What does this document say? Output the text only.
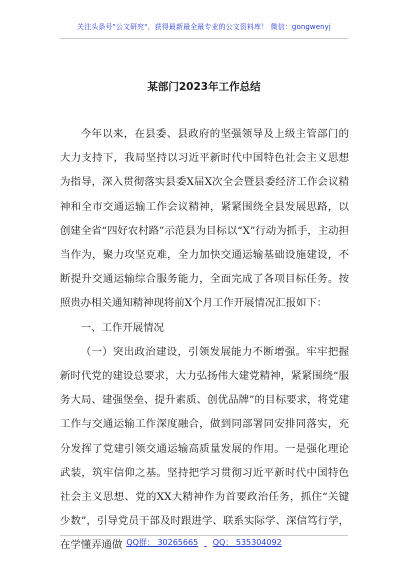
关注头条号"公文研究"，获得最新最全最专业的公文资料库！ 微信：gongwenyj
某部门2023年工作总结

今年以来，在县委、县政府的坚强领导及上级主管部门的大力支持下，我局坚持以习近平新时代中国特色社会主义思想为指导，深入贯彻落实县委X届X次全会暨县委经济工作会议精神和全市交通运输工作会议精神，紧紧围绕全县发展思路，以创建全省“四好农村路”示范县为目标以“X”行动为抓手，主动担当作为，聚力攻坚克难，全力加快交通运输基础设施建设，不断提升交通运输综合服务能力，全面完成了各项目标任务。按照贵办相关通知精神现将前X个月工作开展情况汇报如下：

一、工作开展情况

（一）突出政治建设，引领发展能力不断增强。牢牢把握新时代党的建设总要求，大力弘扬伟大建党精神，紧紧围绕“服务大局、建强堡垒、提升素质、创优品牌”的目标要求，将党建工作与交通运输工作深度融合，做到同部署同安排同落实，充分发挥了党建引领交通运输高质量发展的作用。一是强化理论武装，筑牢信仰之基。坚持把学习贯彻习近平新时代中国特色社会主义思想、党的XX大精神作为首要政治任务，抓住“关键少数”，引导党员干部及时跟进学、联系实际学、深信笃行学，在学懂弄通做 QQ群： 30265665 QQ： 535304092
